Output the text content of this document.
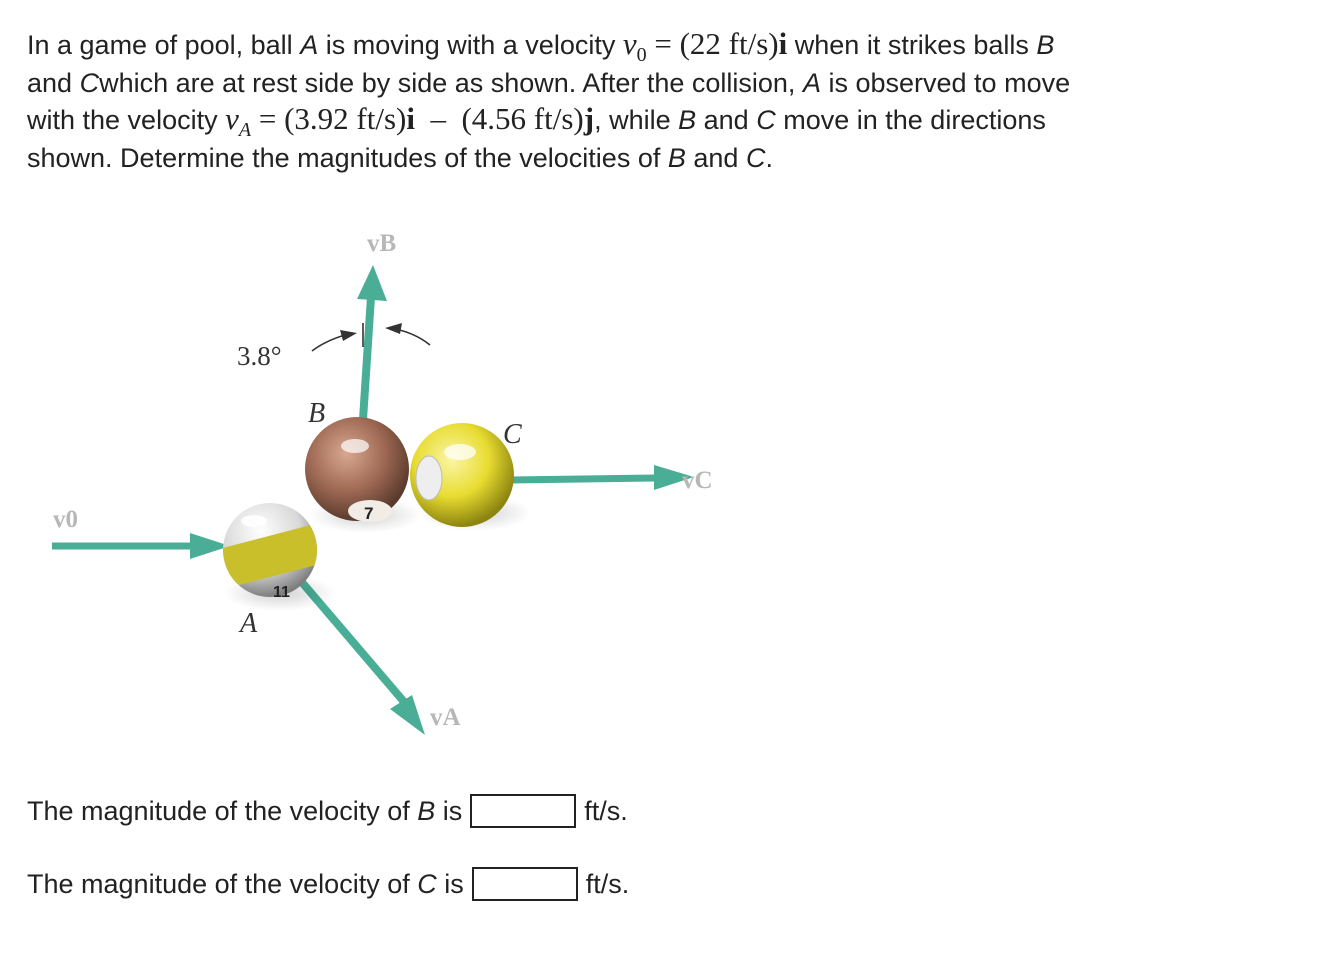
In a game of pool, ball A is moving with a velocity $v_0 = (22$ ft/s)i when it strikes balls B

and Cwhich are at rest side by side as shown. After the collision, A is observed to move

with the velocity $v_A = (3.92$ ft/s)i – (4.56 ft/s)j, while B and C move in the directions

shown. Determine the magnitudes of the velocities of B and C.

v0
vB
3.8°
vC
vA
7
11
B
C
A
The magnitude of the velocity of
B
is	ft/s.
The magnitude of the velocity of
C
is	ft/s.
